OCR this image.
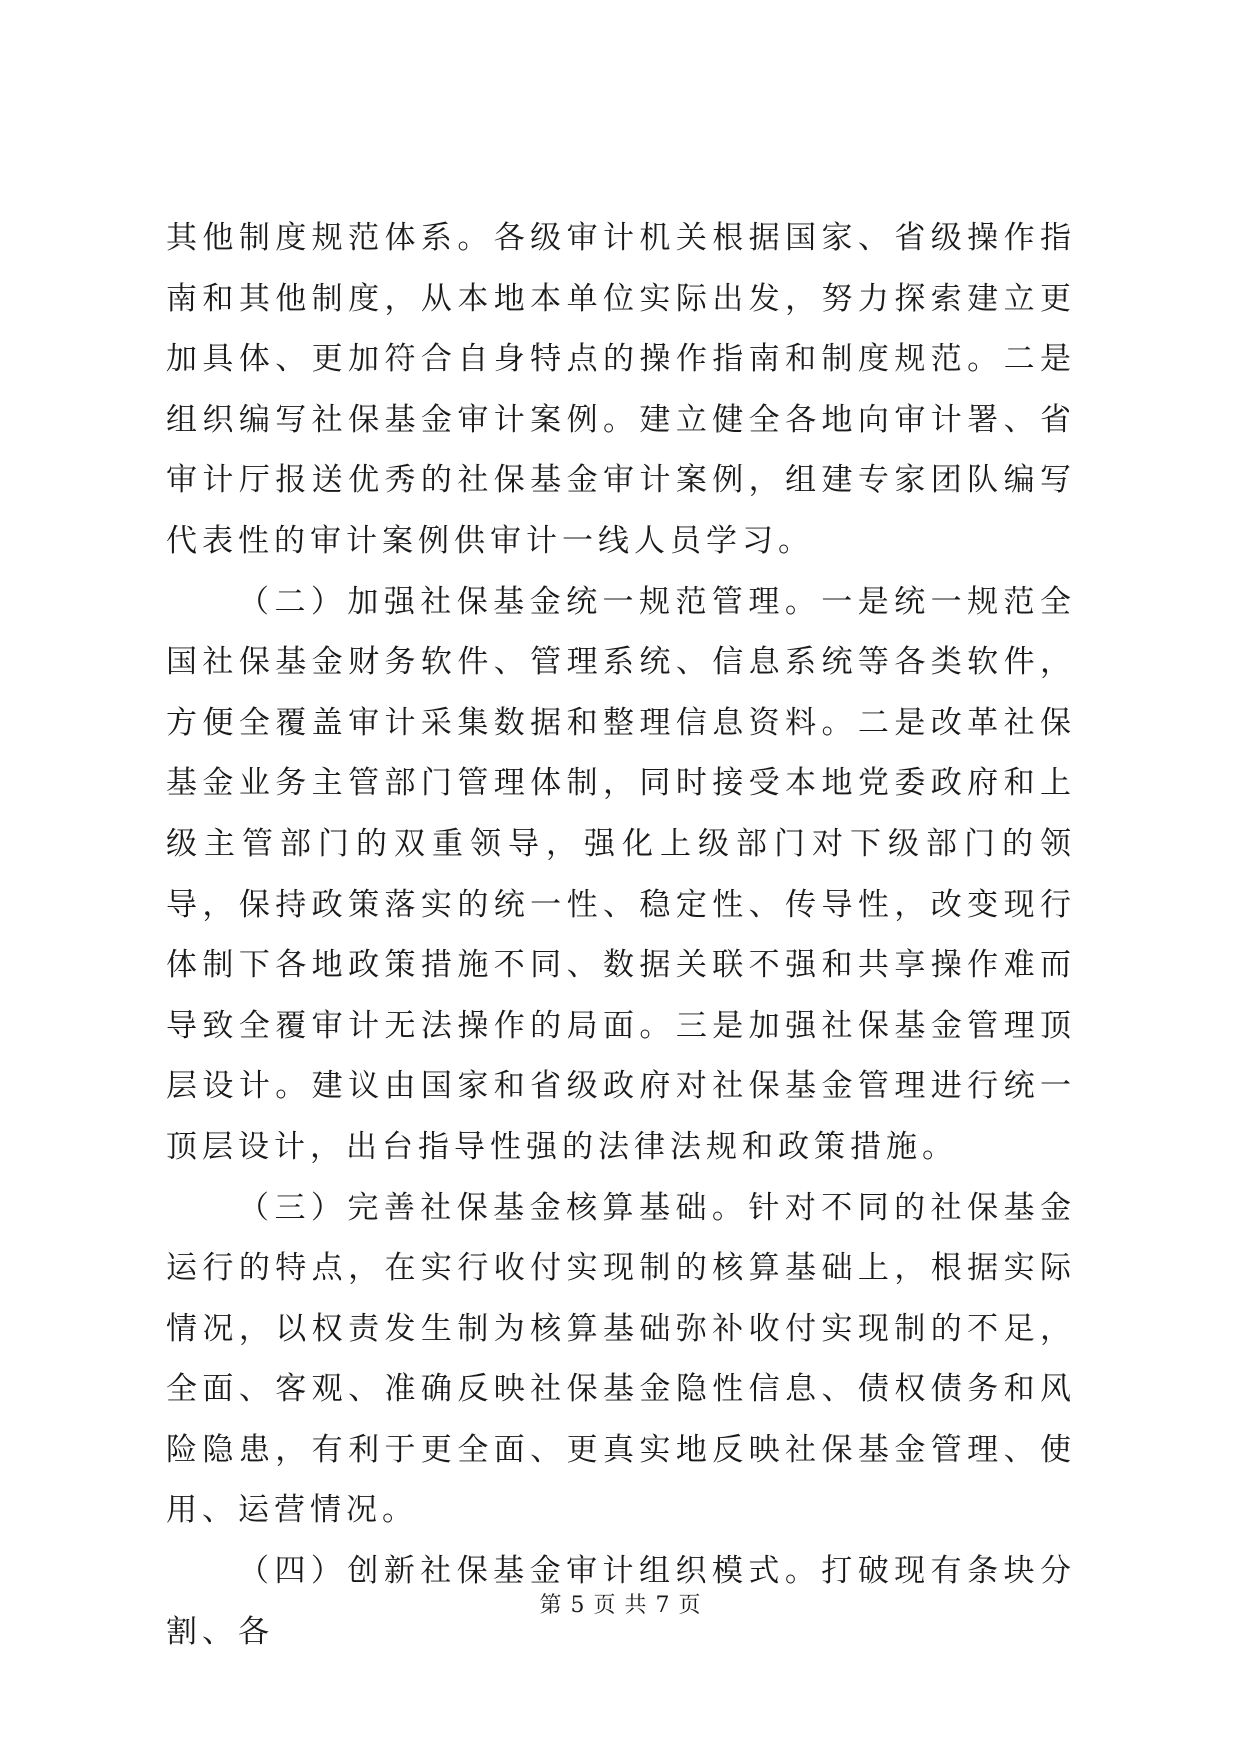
其他制度规范体系。各级审计机关根据国家、省级操作指南和其他制度，从本地本单位实际出发，努力探索建立更加具体、更加符合自身特点的操作指南和制度规范。二是组织编写社保基金审计案例。建立健全各地向审计署、省审计厅报送优秀的社保基金审计案例，组建专家团队编写代表性的审计案例供审计一线人员学习。

（二）加强社保基金统一规范管理。一是统一规范全国社保基金财务软件、管理系统、信息系统等各类软件，方便全覆盖审计采集数据和整理信息资料。二是改革社保基金业务主管部门管理体制，同时接受本地党委政府和上级主管部门的双重领导，强化上级部门对下级部门的领导，保持政策落实的统一性、稳定性、传导性，改变现行体制下各地政策措施不同、数据关联不强和共享操作难而导致全覆审计无法操作的局面。三是加强社保基金管理顶层设计。建议由国家和省级政府对社保基金管理进行统一顶层设计，出台指导性强的法律法规和政策措施。

（三）完善社保基金核算基础。针对不同的社保基金运行的特点，在实行收付实现制的核算基础上，根据实际情况，以权责发生制为核算基础弥补收付实现制的不足，全面、客观、准确反映社保基金隐性信息、债权债务和风险隐患，有利于更全面、更真实地反映社保基金管理、使用、运营情况。

（四）创新社保基金审计组织模式。打破现有条块分割、各

第 5 页 共 7 页
